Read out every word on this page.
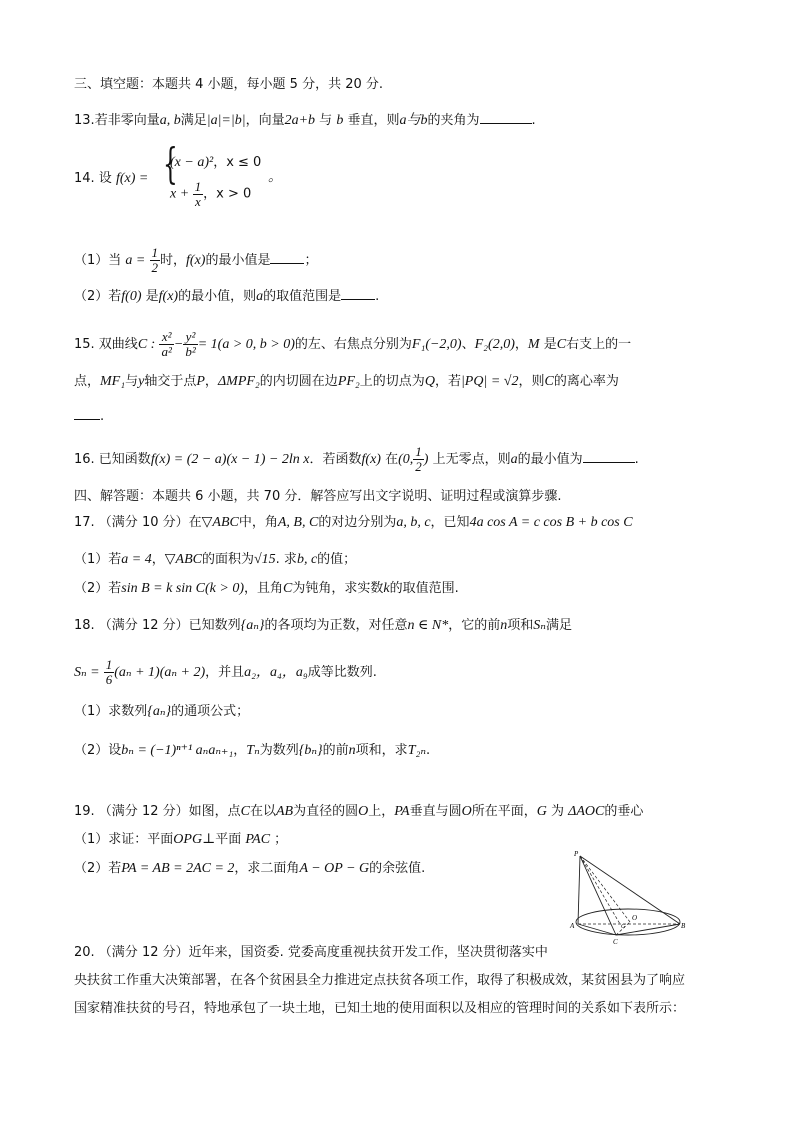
三、填空题：本题共 4 小题，每小题 5 分，共 20 分.
13.若非零向量a, b满足|a|=|b|，向量2a+b 与 b 垂直，则a与b的夹角为	.
14. 设 f(x) = {
(x − a)²，x ≤ 0
$x + \frac{1}{x}$ ，x > 0
。
（1）当 $a = \frac{1}{2}$ 时，f(x)的最小值是	；
（2）若f(0) 是f(x)的最小值，则a的取值范围是	.
15. 双曲线C : $\frac{\text{x²}}{\text{a²}} - \frac{\text{y²}}{\text{b²}} = 1(a > 0$, b > 0)的左、右焦点分别为F₁(−2,0)、F₂(2,0)，M 是C右支上的一
点，MF₁与y轴交于点P，ΔMPF₂的内切圆在边PF₂上的切点为Q，若|PQ| = √2，则C的离心率为
.
16. 已知函数f(x) = (2 − a)(x − 1) − 2ln x．若函数f(x) 在(0, $\frac{1}{2}$ ) 上无零点，则a的最小值为	.
四、解答题：本题共 6 小题，共 70 分．解答应写出文字说明、证明过程或演算步骤.
17. （满分 10 分）在▽ABC中，角A, B, C的对边分别为a, b, c，已知4a cos A = c cos B + b cos C
（1）若a = 4，▽ABC的面积为√15. 求b, c的值；
（2）若sin B = k sin C(k > 0)，且角C为钝角，求实数k的取值范围.
18. （满分 12 分）已知数列{aₙ}的各项均为正数，对任意n ∈ N*，它的前n项和Sₙ满足
$S_n = \frac{1}{6} (a_n + 1)(a_n + 2)$，并且a₂，a₄，a₉成等比数列.
（1）求数列{aₙ}的通项公式；
（2）设bₙ = (−1)ⁿ⁺¹ aₙaₙ₊₁，Tₙ为数列{bₙ}的前n项和，求T₂ₙ.
19. （满分 12 分）如图，点C在以AB为直径的圆O上，PA垂直与圆O所在平面，G 为 ΔAOC的垂心
（1）求证：平面OPG⊥平面 PAC ；
（2）若PA = AB = 2AC = 2，求二面角A − OP − G的余弦值.
P
A
O
G
C
B
20. （满分 12 分）近年来，国资委. 党委高度重视扶贫开发工作，坚决贯彻落实中
央扶贫工作重大决策部署，在各个贫困县全力推进定点扶贫各项工作，取得了积极成效，某贫困县为了响应
国家精准扶贫的号召，特地承包了一块土地，已知土地的使用面积以及相应的管理时间的关系如下表所示：
